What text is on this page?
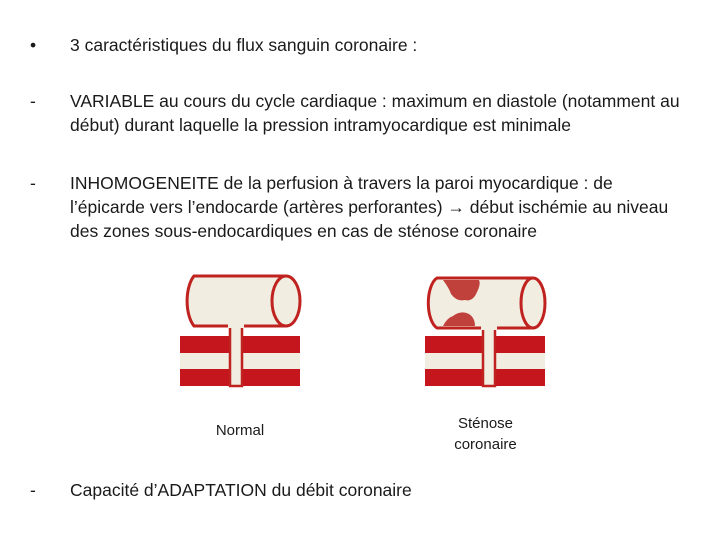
•	3 caractéristiques du flux sanguin coronaire :
-	VARIABLE au cours du cycle cardiaque : maximum en diastole (notamment au début) durant laquelle la pression intramyocardique est minimale
-	INHOMOGENEITE de la perfusion à travers la paroi myocardique : de l’épicarde vers l’endocarde (artères perforantes) → début ischémie au niveau des zones sous-endocardiques en cas de sténose coronaire
Normal	Sténose
coronaire
-	Capacité d’ADAPTATION du débit coronaire
